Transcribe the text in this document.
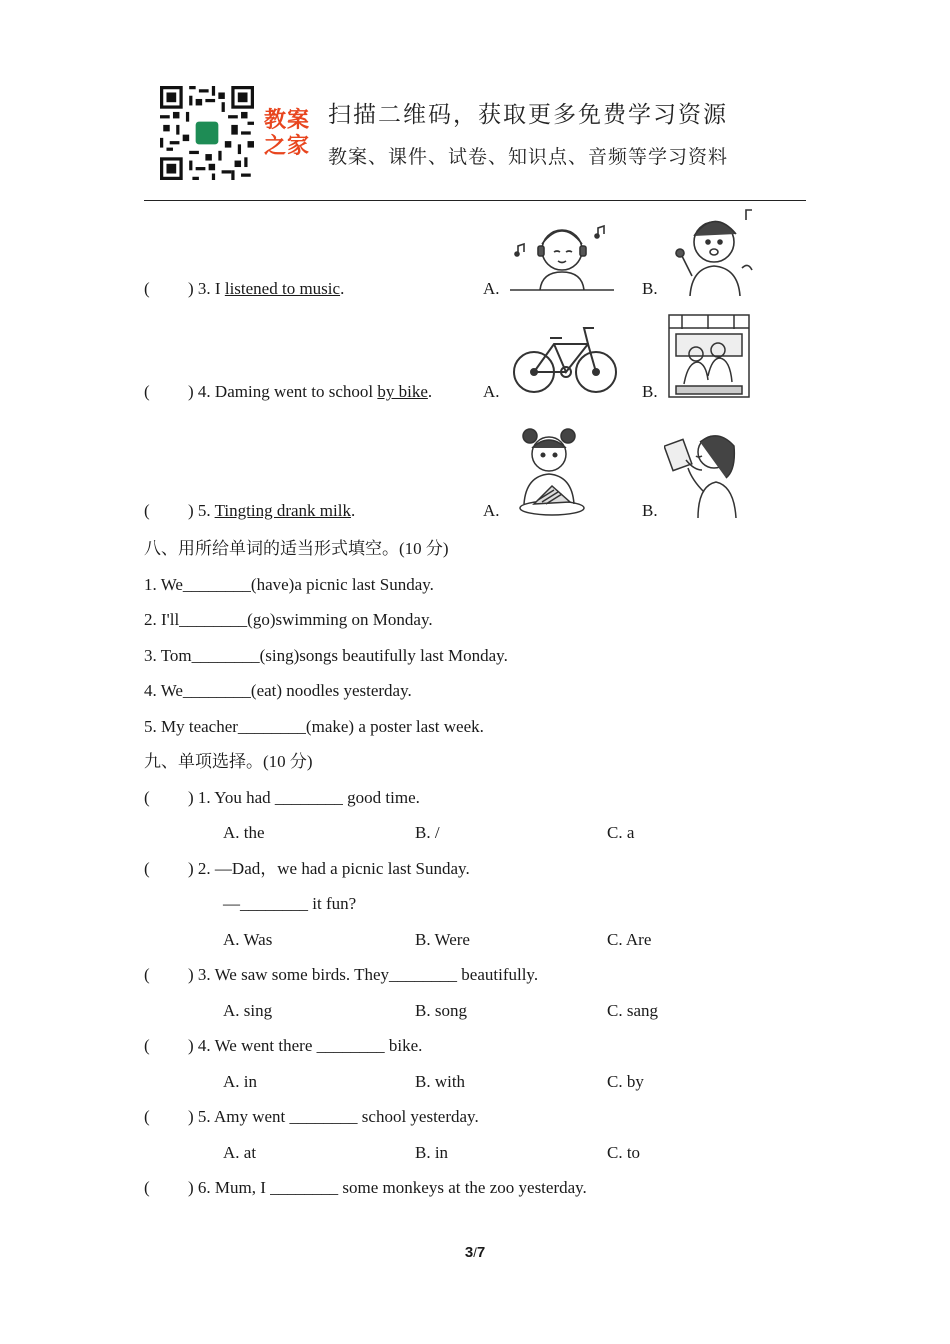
教案之家
扫描二维码，获取更多免费学习资源
教案、课件、试卷、知识点、音频等学习资料
( ) 3. I listened to music.	A.	B.
( ) 4. Daming went to school by bike.	A.	B.
( ) 5. Tingting drank milk.	A.	B.
八、用所给单词的适当形式填空。(10 分)
1. We________(have)a picnic last Sunday.
2. I'll________(go)swimming on Monday.
3. Tom________(sing)songs beautifully last Monday.
4. We________(eat) noodles yesterday.
5. My teacher________(make) a poster last week.
九、单项选择。(10 分)
( ) 1. You had ________ good time.
A. the	B. /	C. a
( ) 2. —Dad，we had a picnic last Sunday.
—________ it fun?
A. Was	B. Were	C. Are
( ) 3. We saw some birds. They________ beautifully.
A. sing	B. song	C. sang
( ) 4. We went there ________ bike.
A. in	B. with	C. by
( ) 5. Amy went ________ school yesterday.
A. at	B. in	C. to
( ) 6. Mum, I ________ some monkeys at the zoo yesterday.
3/7
